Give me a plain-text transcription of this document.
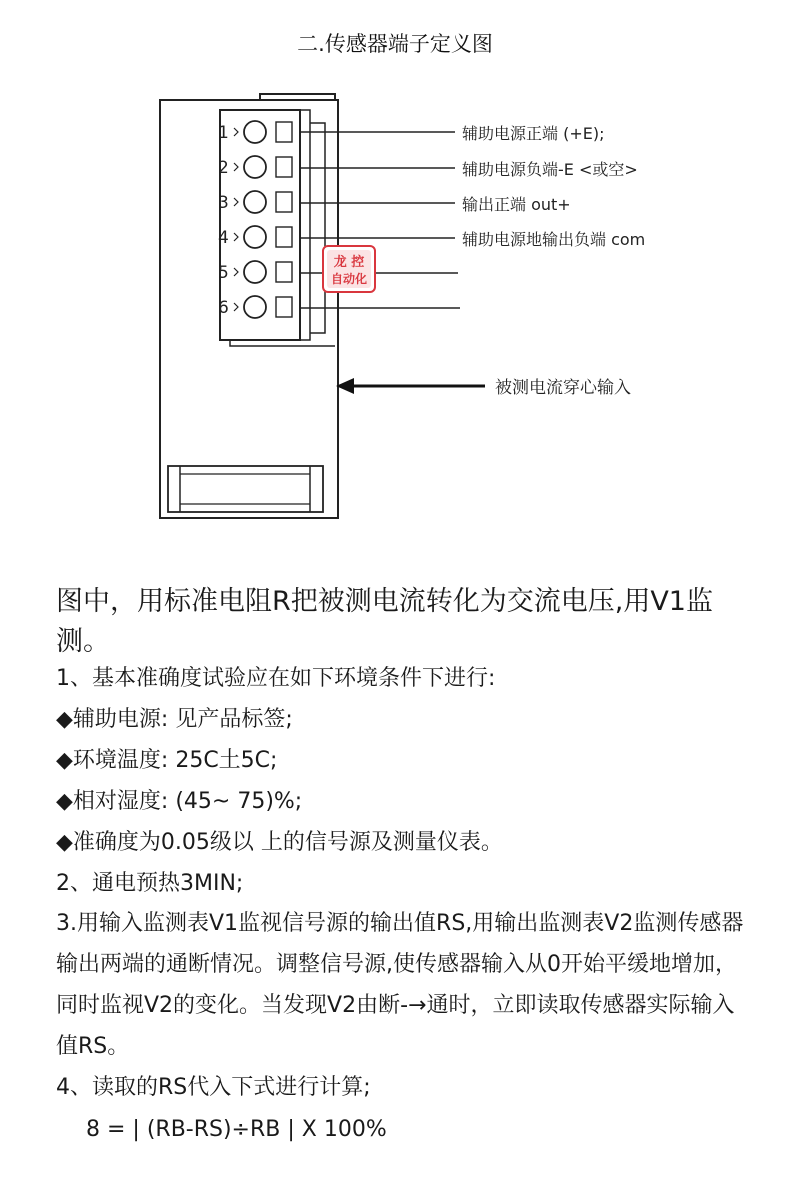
二.传感器端子定义图
辅助电源正端 (+E);
辅助电源负端-E <或空>
输出正端 out+
辅助电源地输出负端 com
被测电流穿心输入
龙 控
自动化
1
2
3
4
5
6
图中，用标准电阻R把被测电流转化为交流电压,用V1监测。
1、基本准确度试验应在如下环境条件下进行:
◆辅助电源: 见产品标签;
◆环境温度: 25C土5C;
◆相对湿度: (45~ 75)%;
◆准确度为0.05级以 上的信号源及测量仪表。
2、通电预热3MIN;
3.用输入监测表V1监视信号源的输出值RS,用输出监测表V2监测传感器输出两端的通断情况。调整信号源,使传感器输入从0开始平缓地增加，同时监视V2的变化。当发现V2由断-→通时，立即读取传感器实际输入值RS。
4、读取的RS代入下式进行计算;
8 = | (RB-RS)÷RB | X 100%
